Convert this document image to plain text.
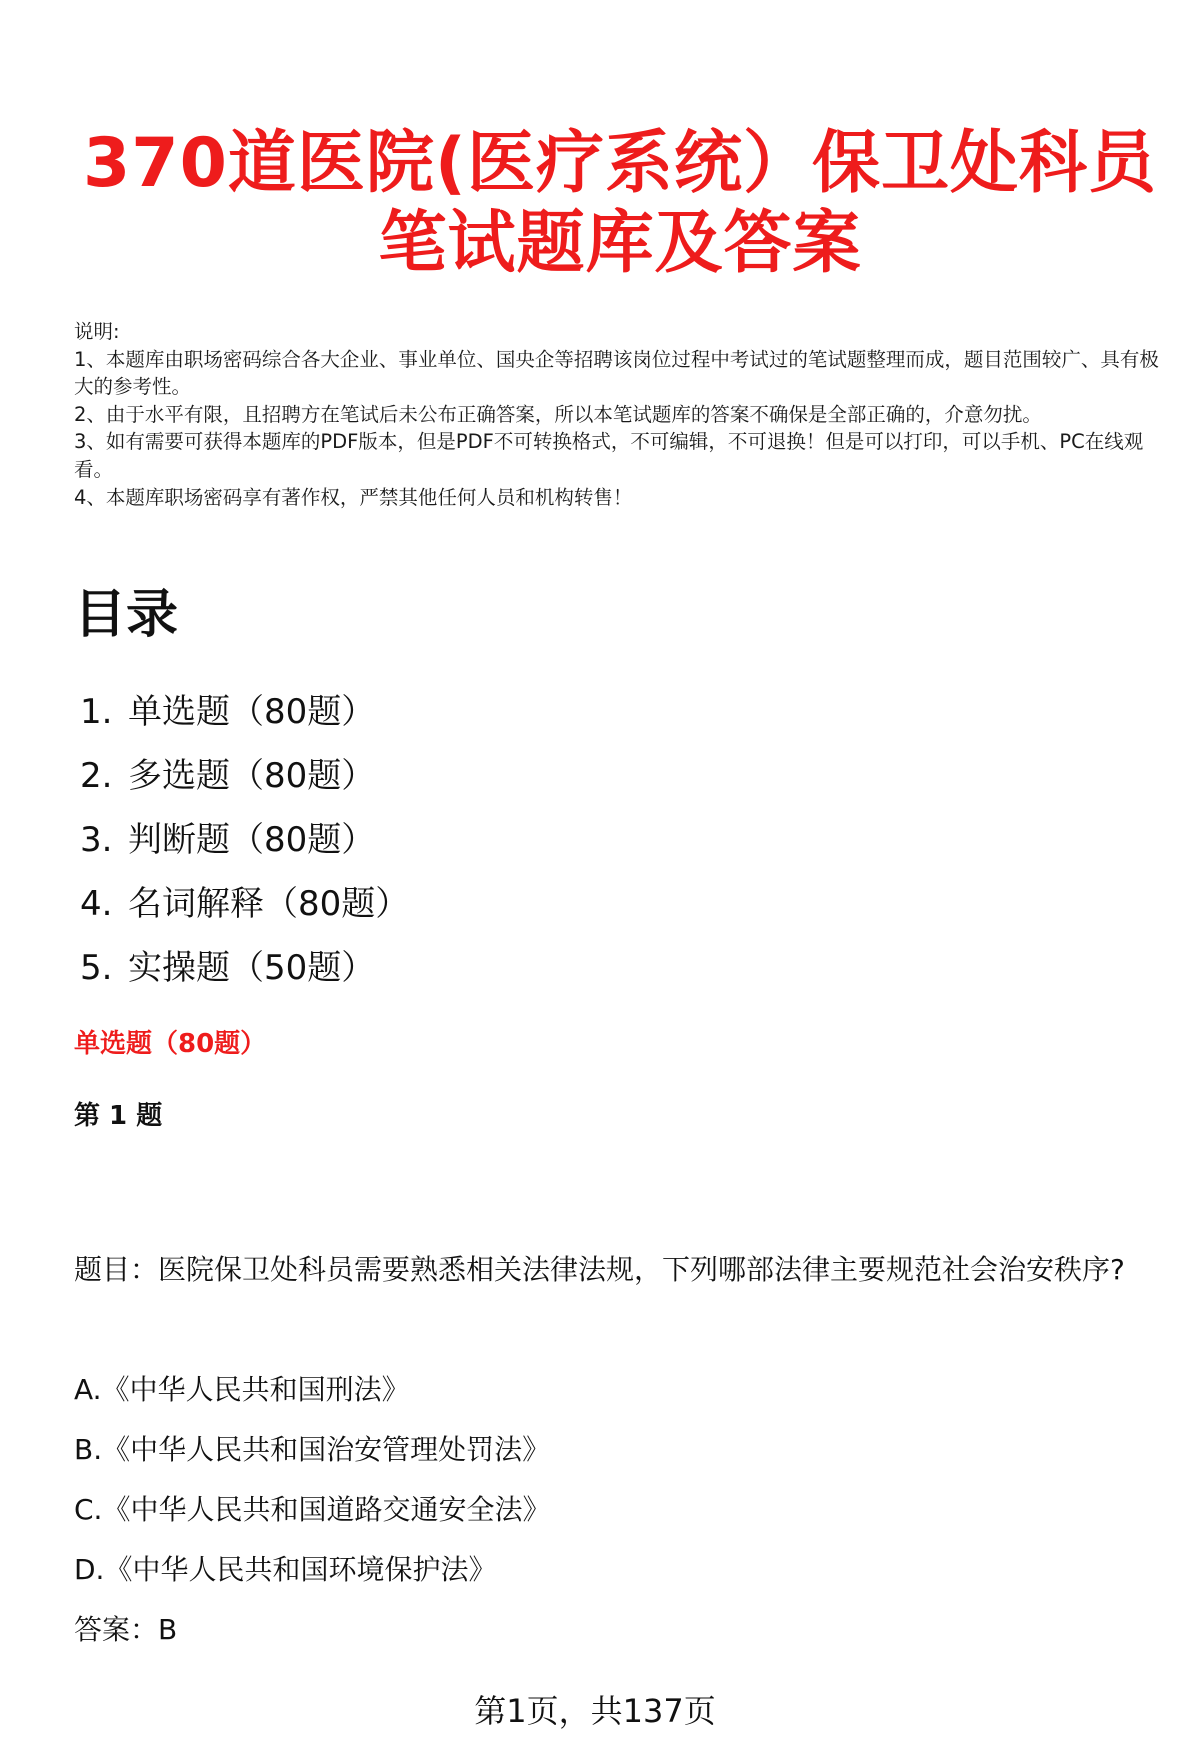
370道医院(医疗系统）保卫处科员
笔试题库及答案
说明:
1、本题库由职场密码综合各大企业、事业单位、国央企等招聘该岗位过程中考试过的笔试题整理而成，题目范围较广、具有极大的参考性。
2、由于水平有限，且招聘方在笔试后未公布正确答案，所以本笔试题库的答案不确保是全部正确的，介意勿扰。
3、如有需要可获得本题库的PDF版本，但是PDF不可转换格式，不可编辑，不可退换！但是可以打印，可以手机、PC在线观看。
4、本题库职场密码享有著作权，严禁其他任何人员和机构转售！
目录
1. 单选题（80题）
2. 多选题（80题）
3. 判断题（80题）
4. 名词解释（80题）
5. 实操题（50题）
单选题（80题）
第 1 题
题目：医院保卫处科员需要熟悉相关法律法规，下列哪部法律主要规范社会治安秩序?
A.《中华人民共和国刑法》
B.《中华人民共和国治安管理处罚法》
C.《中华人民共和国道路交通安全法》
D.《中华人民共和国环境保护法》
答案：B
第1页，共137页
